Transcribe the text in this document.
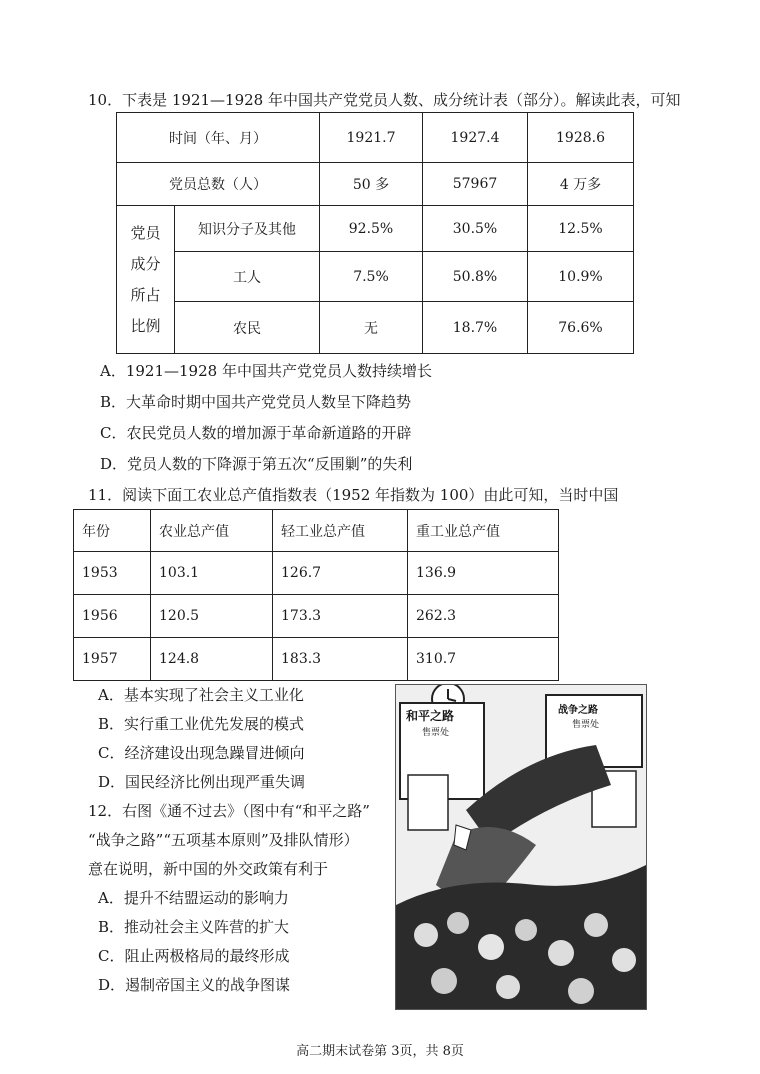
10．下表是 1921—1928 年中国共产党党员人数、成分统计表（部分）。解读此表，可知
时间（年、月）		1921.7	1927.4	1928.6
党员总数（人）		50 多	57967	4 万多

党员
成分
所占
比例	知识分子及其他	92.5%	30.5%	12.5%
	工人	7.5%	50.8%	10.9%
	农民	无	18.7%	76.6%
A．1921—1928 年中国共产党党员人数持续增长
B．大革命时期中国共产党党员人数呈下降趋势
C．农民党员人数的增加源于革命新道路的开辟
D．党员人数的下降源于第五次“反围剿”的失利
11．阅读下面工农业总产值指数表（1952 年指数为 100）由此可知，当时中国
年份	农业总产值	轻工业总产值	重工业总产值
1953	103.1	126.7	136.9
1956	120.5	173.3	262.3
1957	124.8	183.3	310.7
A．基本实现了社会主义工业化
B．实行重工业优先发展的模式
C．经济建设出现急躁冒进倾向
D．国民经济比例出现严重失调
12．右图《通不过去》（图中有“和平之路”
“战争之路”“五项基本原则”及排队情形）
意在说明，新中国的外交政策有利于
A．提升不结盟运动的影响力
B．推动社会主义阵营的扩大
C．阻止两极格局的最终形成
D．遏制帝国主义的战争图谋
和平之路
售票处
战争之路
售票处
高二期末试卷第 3页，共 8页
